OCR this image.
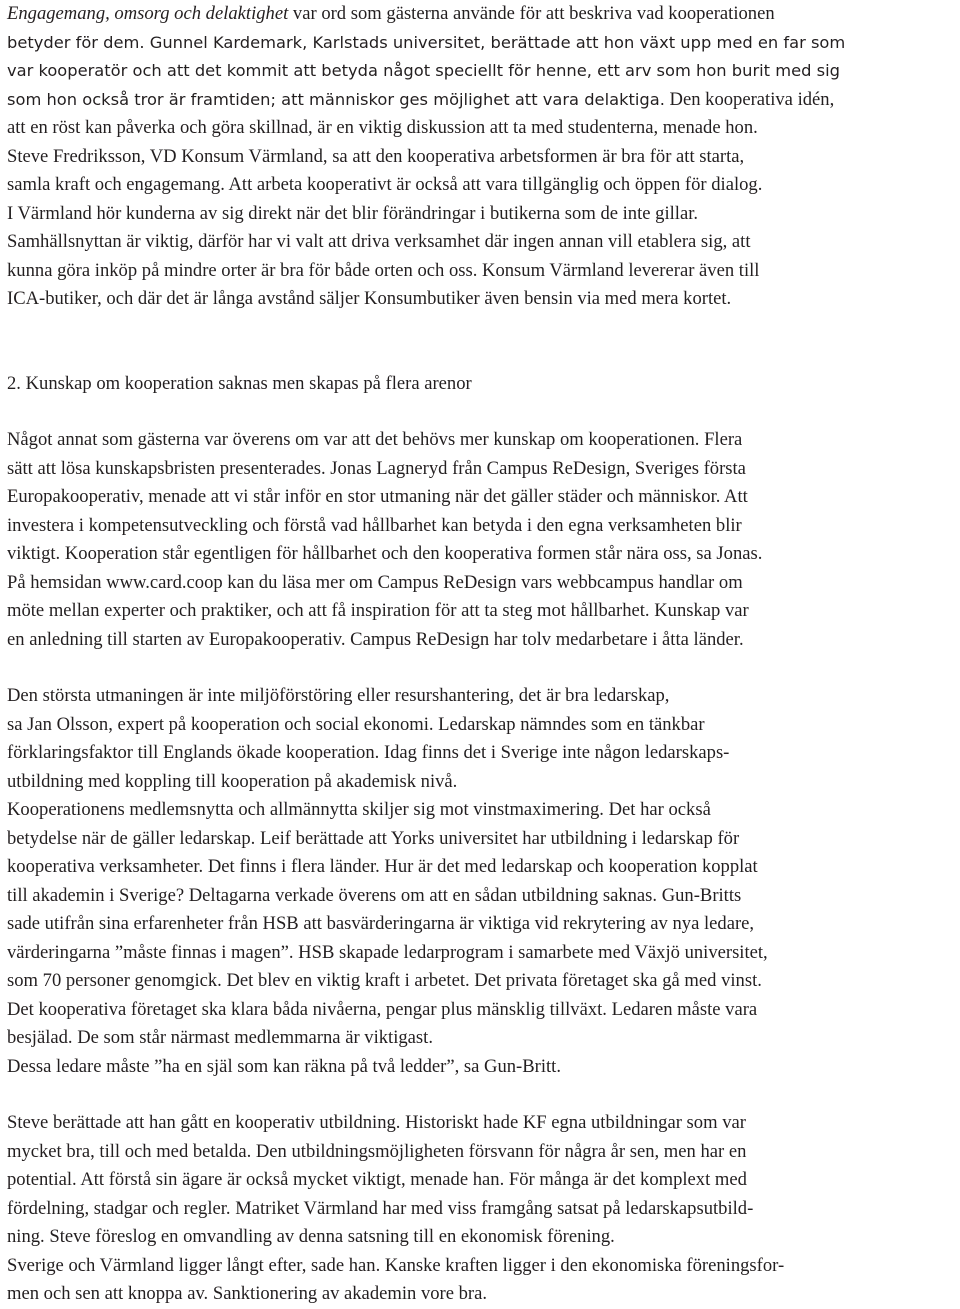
Engagemang, omsorg och delaktighet var ord som gästerna använde för att beskriva vad kooperationen
betyder för dem. Gunnel Kardemark, Karlstads universitet, berättade att hon växt upp med en far som
var kooperatör och att det kommit att betyda något speciellt för henne, ett arv som hon burit med sig
som hon också tror är framtiden; att människor ges möjlighet att vara delaktiga. Den kooperativa idén,
att en röst kan påverka och göra skillnad, är en viktig diskussion att ta med studenterna, menade hon.
Steve Fredriksson, VD Konsum Värmland, sa att den kooperativa arbetsformen är bra för att starta,
samla kraft och engagemang. Att arbeta kooperativt är också att vara tillgänglig och öppen för dialog.
I Värmland hör kunderna av sig direkt när det blir förändringar i butikerna som de inte gillar.
Samhällsnyttan är viktig, därför har vi valt att driva verksamhet där ingen annan vill etablera sig, att
kunna göra inköp på mindre orter är bra för både orten och oss. Konsum Värmland levererar även till
ICA-butiker, och där det är långa avstånd säljer Konsumbutiker även bensin via med mera kortet.
2. Kunskap om kooperation saknas men skapas på flera arenor
Något annat som gästerna var överens om var att det behövs mer kunskap om kooperationen. Flera
sätt att lösa kunskapsbristen presenterades. Jonas Lagneryd från Campus ReDesign, Sveriges första
Europakooperativ, menade att vi står inför en stor utmaning när det gäller städer och människor. Att
investera i kompetensutveckling och förstå vad hållbarhet kan betyda i den egna verksamheten blir
viktigt. Kooperation står egentligen för hållbarhet och den kooperativa formen står nära oss, sa Jonas.
På hemsidan www.card.coop kan du läsa mer om Campus ReDesign vars webbcampus handlar om
möte mellan experter och praktiker, och att få inspiration för att ta steg mot hållbarhet. Kunskap var
en anledning till starten av Europakooperativ. Campus ReDesign har tolv medarbetare i åtta länder.
Den största utmaningen är inte miljöförstöring eller resurshantering, det är bra ledarskap,
sa Jan Olsson, expert på kooperation och social ekonomi. Ledarskap nämndes som en tänkbar
förklaringsfaktor till Englands ökade kooperation. Idag finns det i Sverige inte någon ledarskaps-
utbildning med koppling till kooperation på akademisk nivå.
Kooperationens medlemsnytta och allmännytta skiljer sig mot vinstmaximering. Det har också
betydelse när de gäller ledarskap. Leif berättade att Yorks universitet har utbildning i ledarskap för
kooperativa verksamheter. Det finns i flera länder. Hur är det med ledarskap och kooperation kopplat
till akademin i Sverige? Deltagarna verkade överens om att en sådan utbildning saknas. Gun-Britts
sade utifrån sina erfarenheter från HSB att basvärderingarna är viktiga vid rekrytering av nya ledare,
värderingarna ”måste finnas i magen”. HSB skapade ledarprogram i samarbete med Växjö universitet,
som 70 personer genomgick. Det blev en viktig kraft i arbetet. Det privata företaget ska gå med vinst.
Det kooperativa företaget ska klara båda nivåerna, pengar plus mänsklig tillväxt. Ledaren måste vara
besjälad. De som står närmast medlemmarna är viktigast.
Dessa ledare måste ”ha en själ som kan räkna på två ledder”, sa Gun-Britt.
Steve berättade att han gått en kooperativ utbildning. Historiskt hade KF egna utbildningar som var
mycket bra, till och med betalda. Den utbildningsmöjligheten försvann för några år sen, men har en
potential. Att förstå sin ägare är också mycket viktigt, menade han. För många är det komplext med
fördelning, stadgar och regler. Matriket Värmland har med viss framgång satsat på ledarskapsutbild-
ning. Steve föreslog en omvandling av denna satsning till en ekonomisk förening.
Sverige och Värmland ligger långt efter, sade han. Kanske kraften ligger i den ekonomiska föreningsfor-
men och sen att knoppa av. Sanktionering av akademin vore bra.
